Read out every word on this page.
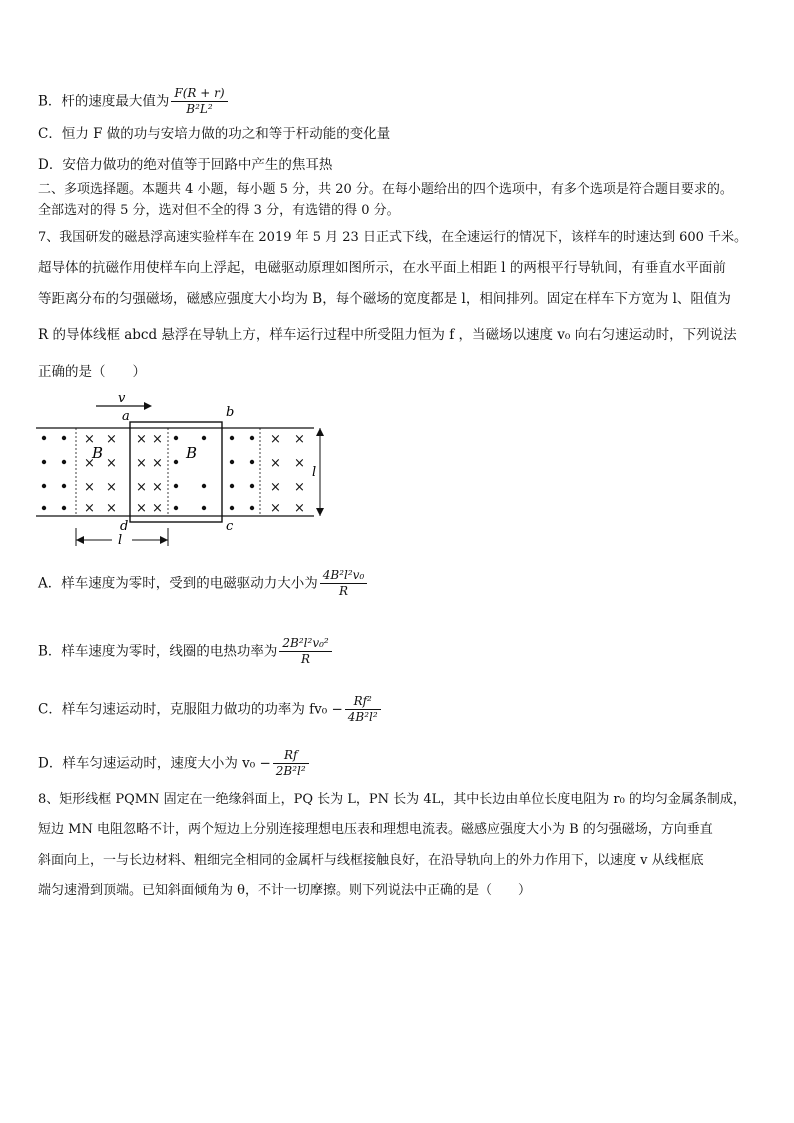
B．杆的速度最大值为 $\frac{F(R + r)}{\text{B²L²}}$
C．恒力 F 做的功与安培力做的功之和等于杆动能的变化量
D．安倍力做功的绝对值等于回路中产生的焦耳热
二、多项选择题。本题共 4 小题，每小题 5 分，共 20 分。在每小题给出的四个选项中，有多个选项是符合题目要求的。
全部选对的得 5 分，选对但不全的得 3 分，有选错的得 0 分。
7、我国研发的磁悬浮高速实验样车在 2019 年 5 月 23 日正式下线，在全速运行的情况下，该样车的时速达到 600 千米。
超导体的抗磁作用使样车向上浮起，电磁驱动原理如图所示，在水平面上相距 l 的两根平行导轨间，有垂直水平面前
等距离分布的匀强磁场，磁感应强度大小均为 B，每个磁场的宽度都是 l，相间排列。固定在样车下方宽为 l、阻值为
R 的导体线框 abcd 悬浮在导轨上方，样车运行过程中所受阻力恒为 f ，当磁场以速度 v₀ 向右匀速运动时，下列说法
正确的是（　　）
v
a	b
d	c
× ×
× ×
× ×
× ×
× ×
× ×
× ×
× ×
B	B
× ×
× ×
× ×
× ×
l
l
A．样车速度为零时，受到的电磁驱动力大小为 $\frac{\text{4B²l²v₀}}{R}$
B．样车速度为零时，线圈的电热功率为 $\frac{\text{2B²l²v₀²}}{R}$
C．样车匀速运动时，克服阻力做功的功率为 $fv_0 - \frac{\text{Rf²}}{\text{4B²l²}}$
D．样车匀速运动时，速度大小为 $v_0 - \frac{Rf}{\text{2B²l²}}$
8、矩形线框 PQMN 固定在一绝缘斜面上，PQ 长为 L，PN 长为 4L，其中长边由单位长度电阻为 r₀ 的均匀金属条制成，
短边 MN 电阻忽略不计，两个短边上分别连接理想电压表和理想电流表。磁感应强度大小为 B 的匀强磁场，方向垂直
斜面向上，一与长边材料、粗细完全相同的金属杆与线框接触良好，在沿导轨向上的外力作用下，以速度 v 从线框底
端匀速滑到顶端。已知斜面倾角为 θ，不计一切摩擦。则下列说法中正确的是（　　）
